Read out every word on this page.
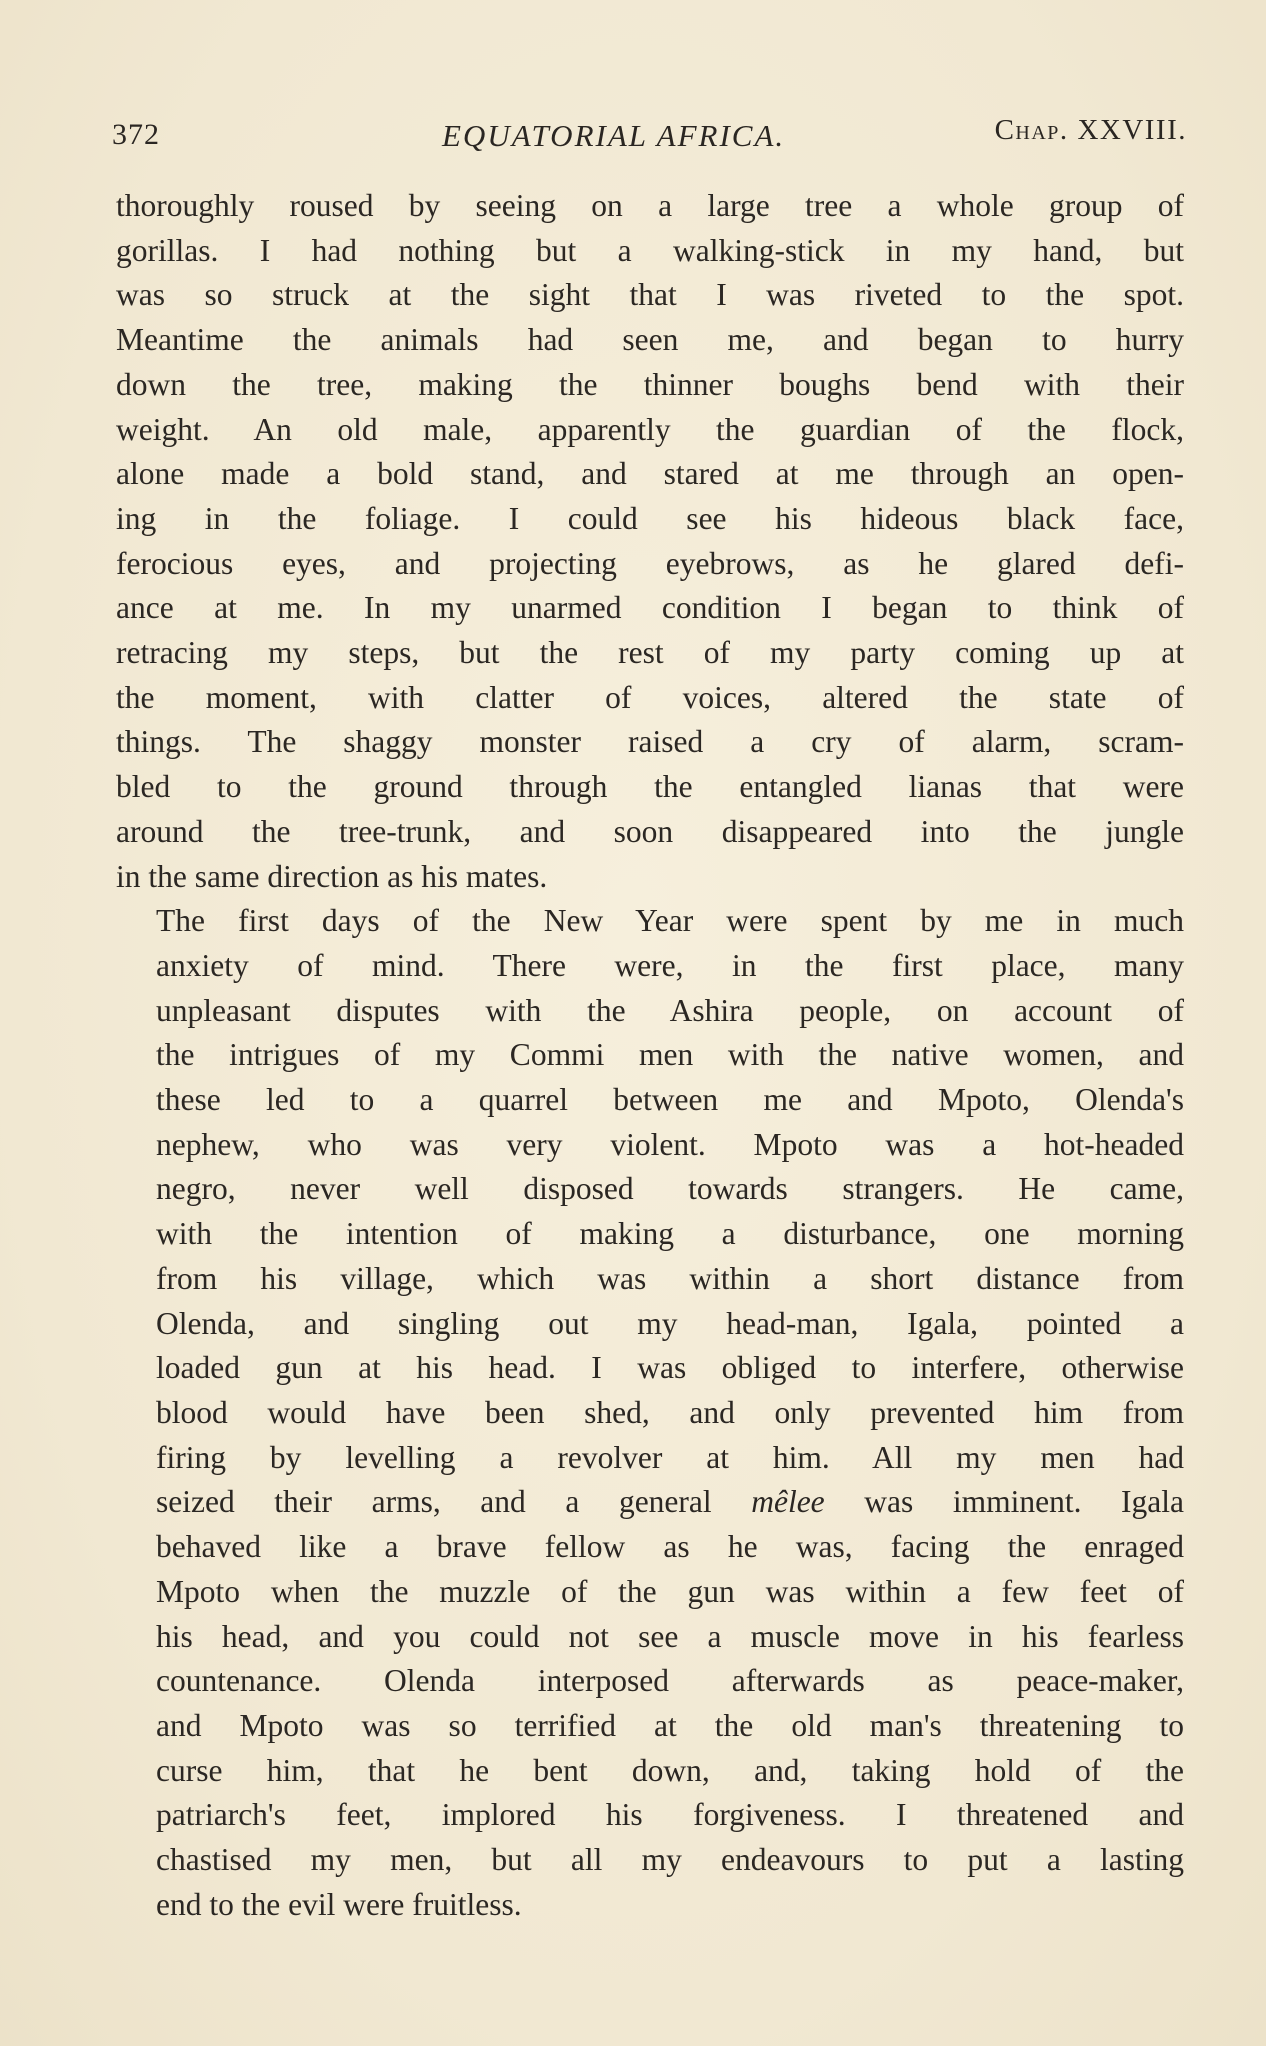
372	EQUATORIAL AFRICA.	Chap. XXVIII.

thoroughly roused by seeing on a large tree a whole group of
gorillas. I had nothing but a walking-stick in my hand, but
was so struck at the sight that I was riveted to the spot.
Meantime the animals had seen me, and began to hurry
down the tree, making the thinner boughs bend with their
weight. An old male, apparently the guardian of the flock,
alone made a bold stand, and stared at me through an open-
ing in the foliage. I could see his hideous black face,
ferocious eyes, and projecting eyebrows, as he glared defi-
ance at me. In my unarmed condition I began to think of
retracing my steps, but the rest of my party coming up at
the moment, with clatter of voices, altered the state of
things. The shaggy monster raised a cry of alarm, scram-
bled to the ground through the entangled lianas that were
around the tree-trunk, and soon disappeared into the jungle
in the same direction as his mates.

The first days of the New Year were spent by me in much
anxiety of mind. There were, in the first place, many
unpleasant disputes with the Ashira people, on account of
the intrigues of my Commi men with the native women, and
these led to a quarrel between me and Mpoto, Olenda's
nephew, who was very violent. Mpoto was a hot-headed
negro, never well disposed towards strangers. He came,
with the intention of making a disturbance, one morning
from his village, which was within a short distance from
Olenda, and singling out my head-man, Igala, pointed a
loaded gun at his head. I was obliged to interfere, otherwise
blood would have been shed, and only prevented him from
firing by levelling a revolver at him. All my men had
seized their arms, and a general mêlee was imminent. Igala
behaved like a brave fellow as he was, facing the enraged
Mpoto when the muzzle of the gun was within a few feet of
his head, and you could not see a muscle move in his fearless
countenance. Olenda interposed afterwards as peace-maker,
and Mpoto was so terrified at the old man's threatening to
curse him, that he bent down, and, taking hold of the
patriarch's feet, implored his forgiveness. I threatened and
chastised my men, but all my endeavours to put a lasting
end to the evil were fruitless.
